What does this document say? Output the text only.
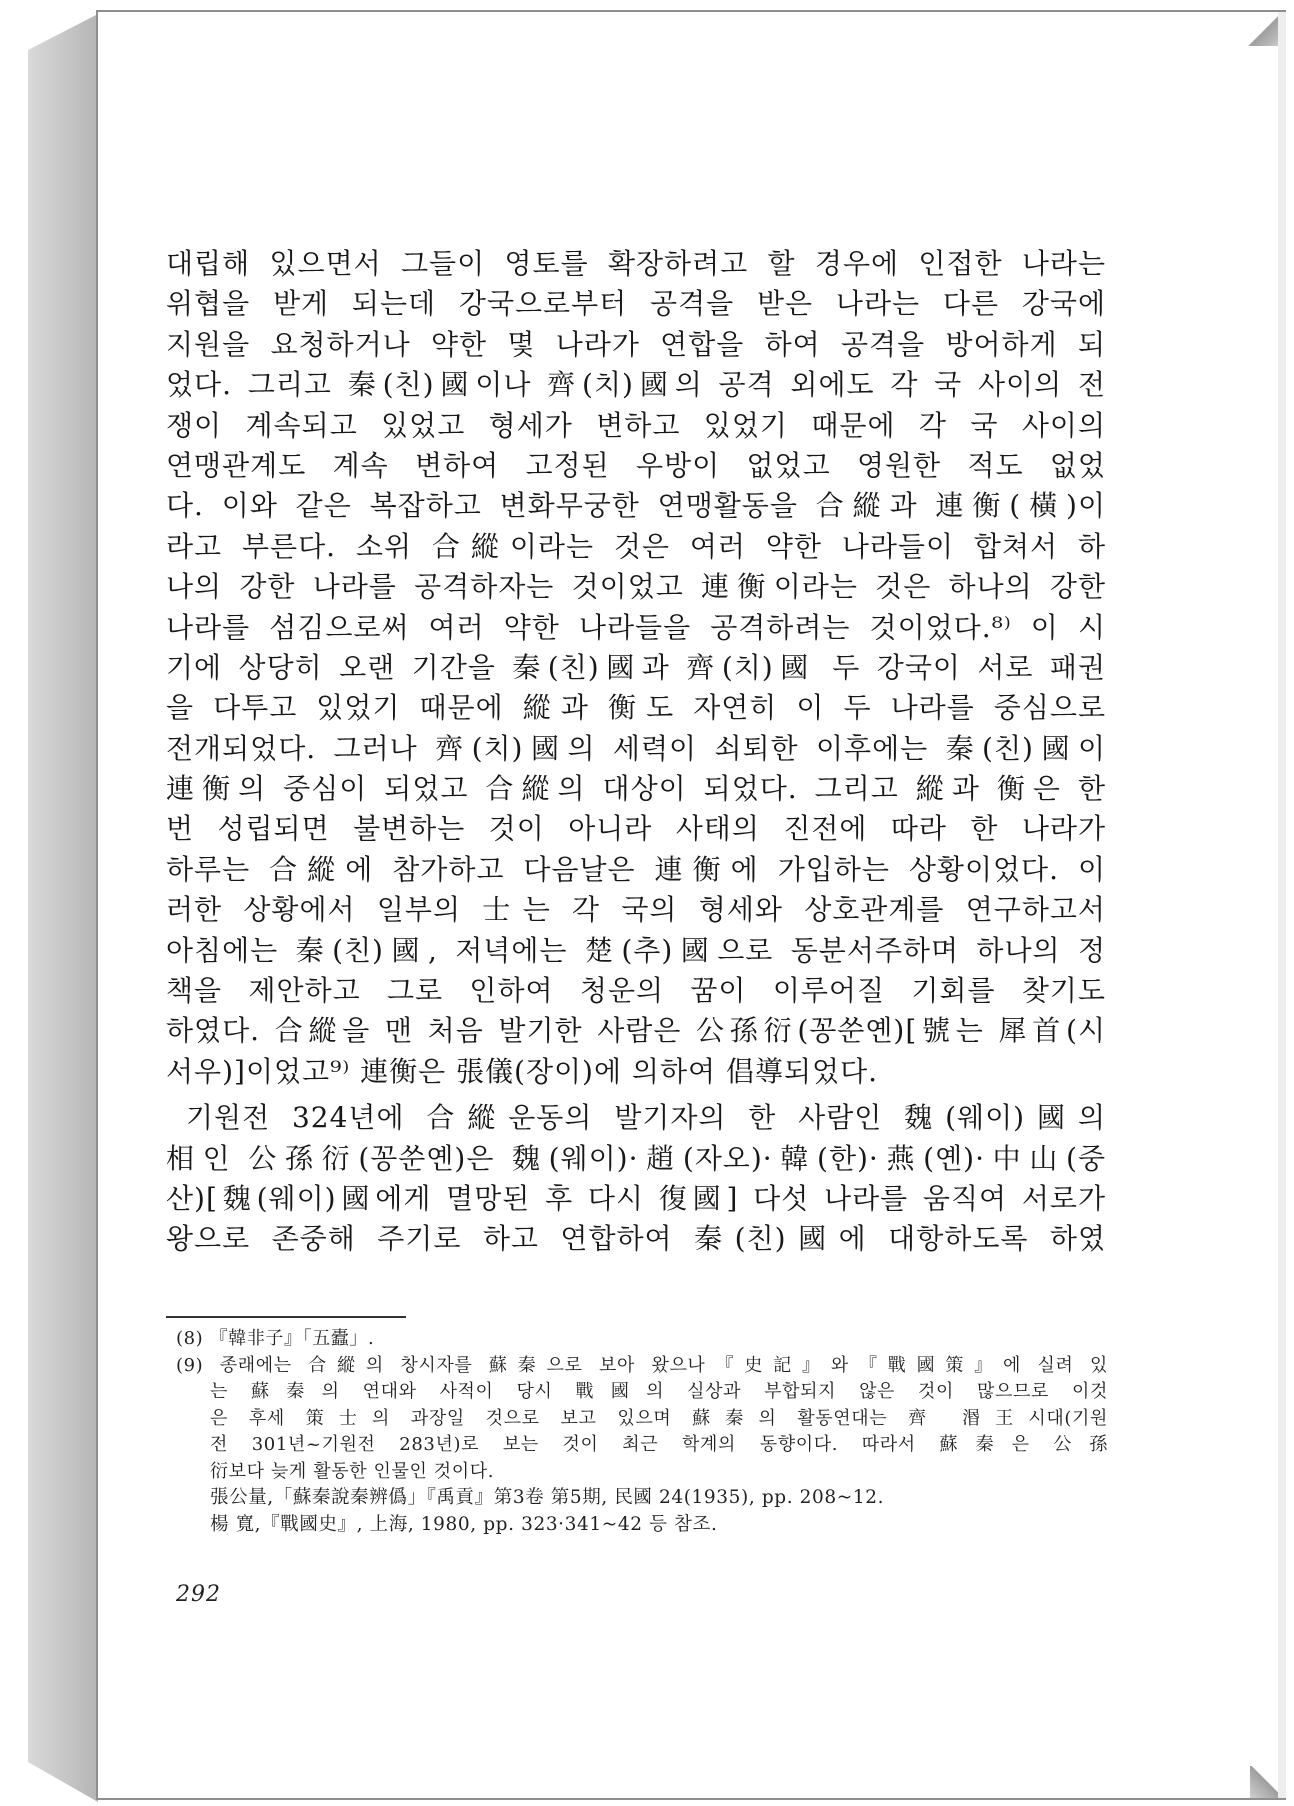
대립해 있으면서 그들이 영토를 확장하려고 할 경우에 인접한 나라는
위협을 받게 되는데 강국으로부터 공격을 받은 나라는 다른 강국에
지원을 요청하거나 약한 몇 나라가 연합을 하여 공격을 방어하게 되
었다. 그리고 秦(친)國이나 齊(치)國의 공격 외에도 각 국 사이의 전
쟁이 계속되고 있었고 형세가 변하고 있었기 때문에 각 국 사이의
연맹관계도 계속 변하여 고정된 우방이 없었고 영원한 적도 없었
다. 이와 같은 복잡하고 변화무궁한 연맹활동을 合縱과 連衡(橫)이
라고 부른다. 소위 合縱이라는 것은 여러 약한 나라들이 합쳐서 하
나의 강한 나라를 공격하자는 것이었고 連衡이라는 것은 하나의 강한
나라를 섬김으로써 여러 약한 나라들을 공격하려는 것이었다.⁸⁾ 이 시
기에 상당히 오랜 기간을 秦(친)國과 齊(치)國 두 강국이 서로 패권
을 다투고 있었기 때문에 縱과 衡도 자연히 이 두 나라를 중심으로
전개되었다. 그러나 齊(치)國의 세력이 쇠퇴한 이후에는 秦(친)國이
連衡의 중심이 되었고 合縱의 대상이 되었다. 그리고 縱과 衡은 한
번 성립되면 불변하는 것이 아니라 사태의 진전에 따라 한 나라가
하루는 合縱에 참가하고 다음날은 連衡에 가입하는 상황이었다. 이
러한 상황에서 일부의 士는 각 국의 형세와 상호관계를 연구하고서
아침에는 秦(친)國, 저녁에는 楚(추)國으로 동분서주하며 하나의 정
책을 제안하고 그로 인하여 청운의 꿈이 이루어질 기회를 찾기도
하였다. 合縱을 맨 처음 발기한 사람은 公孫衍(꽁쑨옌)[號는 犀首(시
서우)]이었고⁹⁾ 連衡은 張儀(장이)에 의하여 倡導되었다.
기원전 324년에 合縱운동의 발기자의 한 사람인 魏(웨이)國의
相인 公孫衍(꽁쑨옌)은 魏(웨이)·趙(자오)·韓(한)·燕(옌)·中山(중
산)[魏(웨이)國에게 멸망된 후 다시 復國] 다섯 나라를 움직여 서로가
왕으로 존중해 주기로 하고 연합하여 秦(친)國에 대항하도록 하였
(8) 『韓非子』「五蠹」.
(9) 종래에는 合縱의 창시자를 蘇秦으로 보아 왔으나『史記』와『戰國策』에 실려 있
는 蘇秦의 연대와 사적이 당시 戰國의 실상과 부합되지 않은 것이 많으므로 이것
은 후세 策士의 과장일 것으로 보고 있으며 蘇秦의 활동연대는 齊 湣王시대(기원
전 301년~기원전 283년)로 보는 것이 최근 학계의 동향이다. 따라서 蘇秦은 公孫
衍보다 늦게 활동한 인물인 것이다.
張公量,「蘇秦說秦辨僞」『禹貢』第3卷 第5期, 民國 24(1935), pp. 208~12.
楊 寬,『戰國史』, 上海, 1980, pp. 323·341~42 등 참조.
292
